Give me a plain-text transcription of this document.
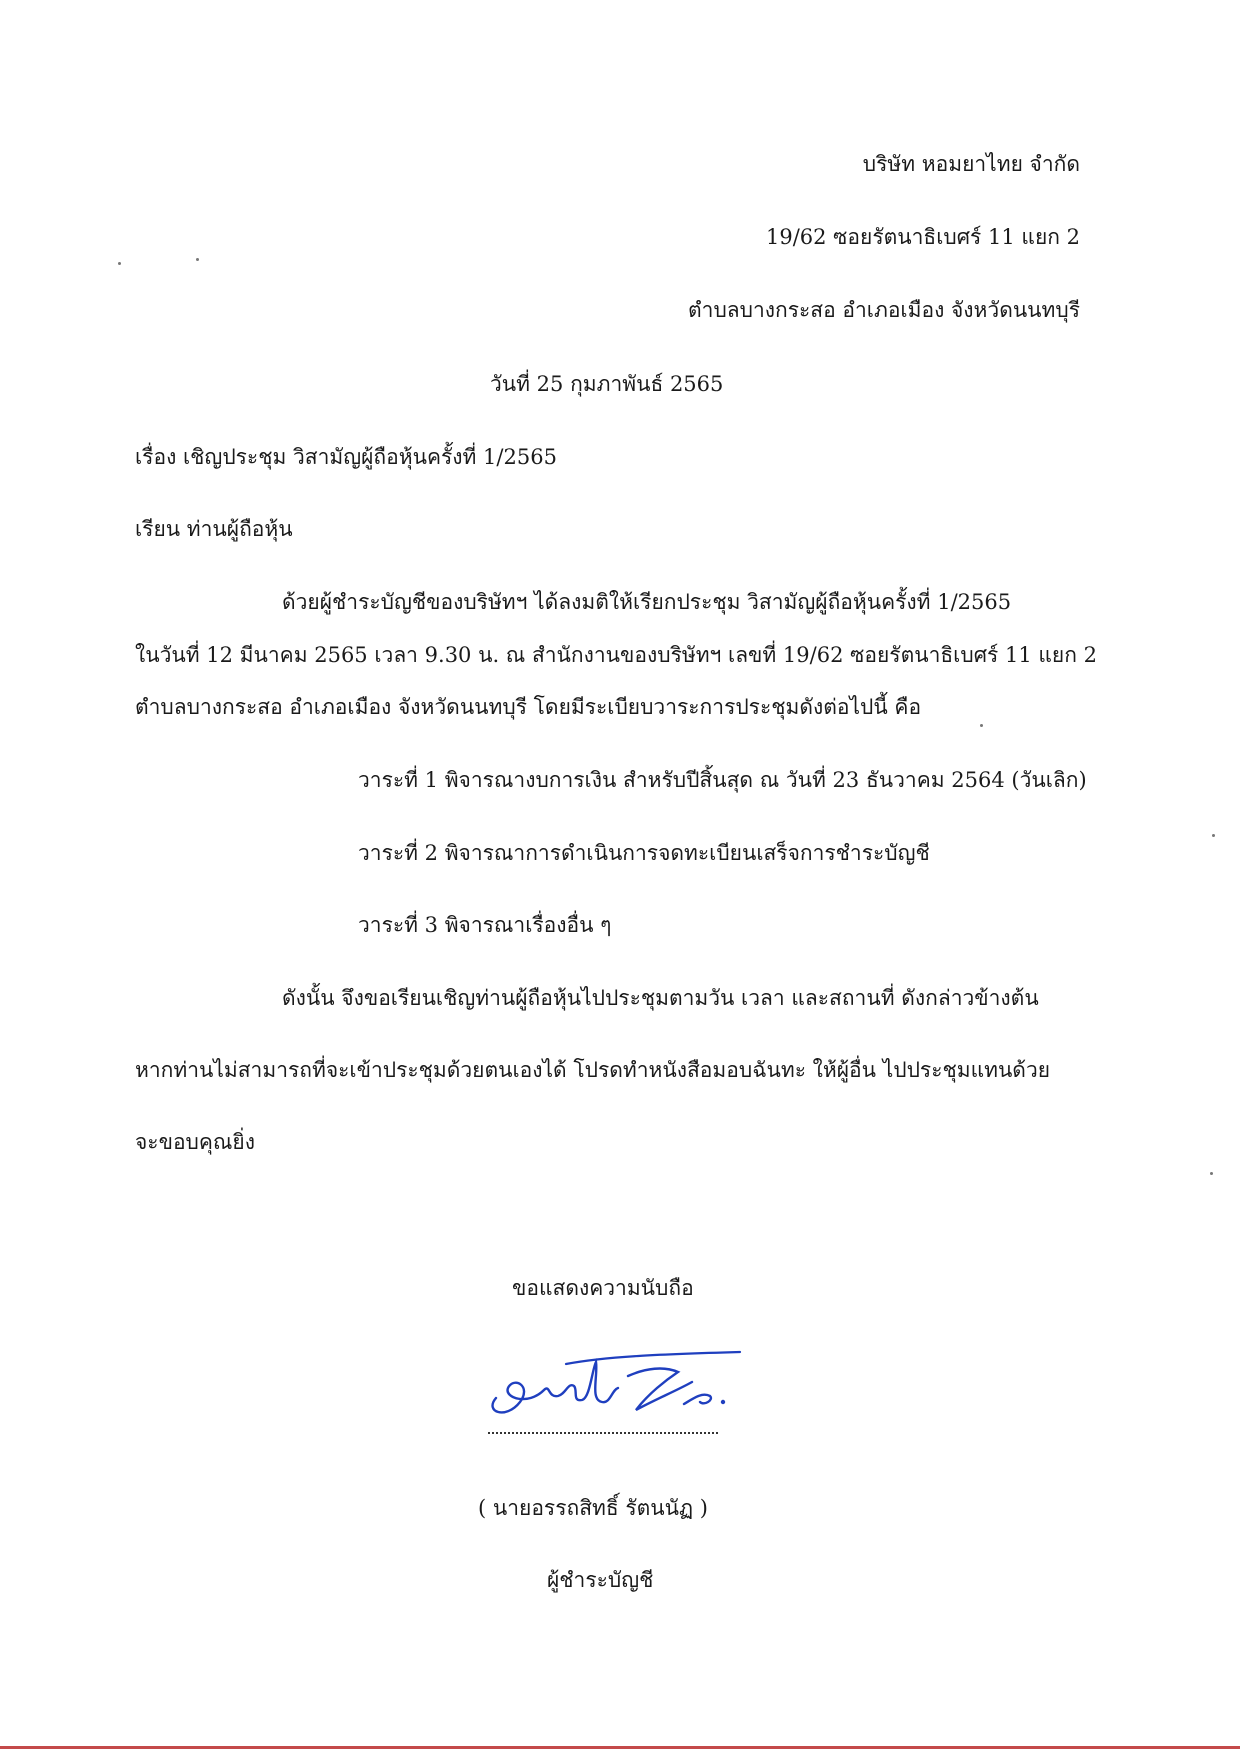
บริษัท หอมยาไทย จำกัด
19/62 ซอยรัตนาธิเบศร์ 11 แยก 2
ตำบลบางกระสอ อำเภอเมือง จังหวัดนนทบุรี
วันที่ 25 กุมภาพันธ์ 2565
เรื่อง เชิญประชุม วิสามัญผู้ถือหุ้นครั้งที่ 1/2565
เรียน ท่านผู้ถือหุ้น
ด้วยผู้ชำระบัญชีของบริษัทฯ ได้ลงมติให้เรียกประชุม วิสามัญผู้ถือหุ้นครั้งที่ 1/2565
ในวันที่ 12 มีนาคม 2565 เวลา 9.30 น. ณ สำนักงานของบริษัทฯ เลขที่ 19/62 ซอยรัตนาธิเบศร์ 11 แยก 2
ตำบลบางกระสอ อำเภอเมือง จังหวัดนนทบุรี โดยมีระเบียบวาระการประชุมดังต่อไปนี้ คือ
วาระที่ 1 พิจารณางบการเงิน สำหรับปีสิ้นสุด ณ วันที่ 23 ธันวาคม 2564 (วันเลิก)
วาระที่ 2 พิจารณาการดำเนินการจดทะเบียนเสร็จการชำระบัญชี
วาระที่ 3 พิจารณาเรื่องอื่น ๆ
ดังนั้น จึงขอเรียนเชิญท่านผู้ถือหุ้นไปประชุมตามวัน เวลา และสถานที่ ดังกล่าวข้างต้น
หากท่านไม่สามารถที่จะเข้าประชุมด้วยตนเองได้ โปรดทำหนังสือมอบฉันทะ ให้ผู้อื่น ไปประชุมแทนด้วย
จะขอบคุณยิ่ง
ขอแสดงความนับถือ
( นายอรรถสิทธิ์ รัตนนัฏ )
ผู้ชำระบัญชี
